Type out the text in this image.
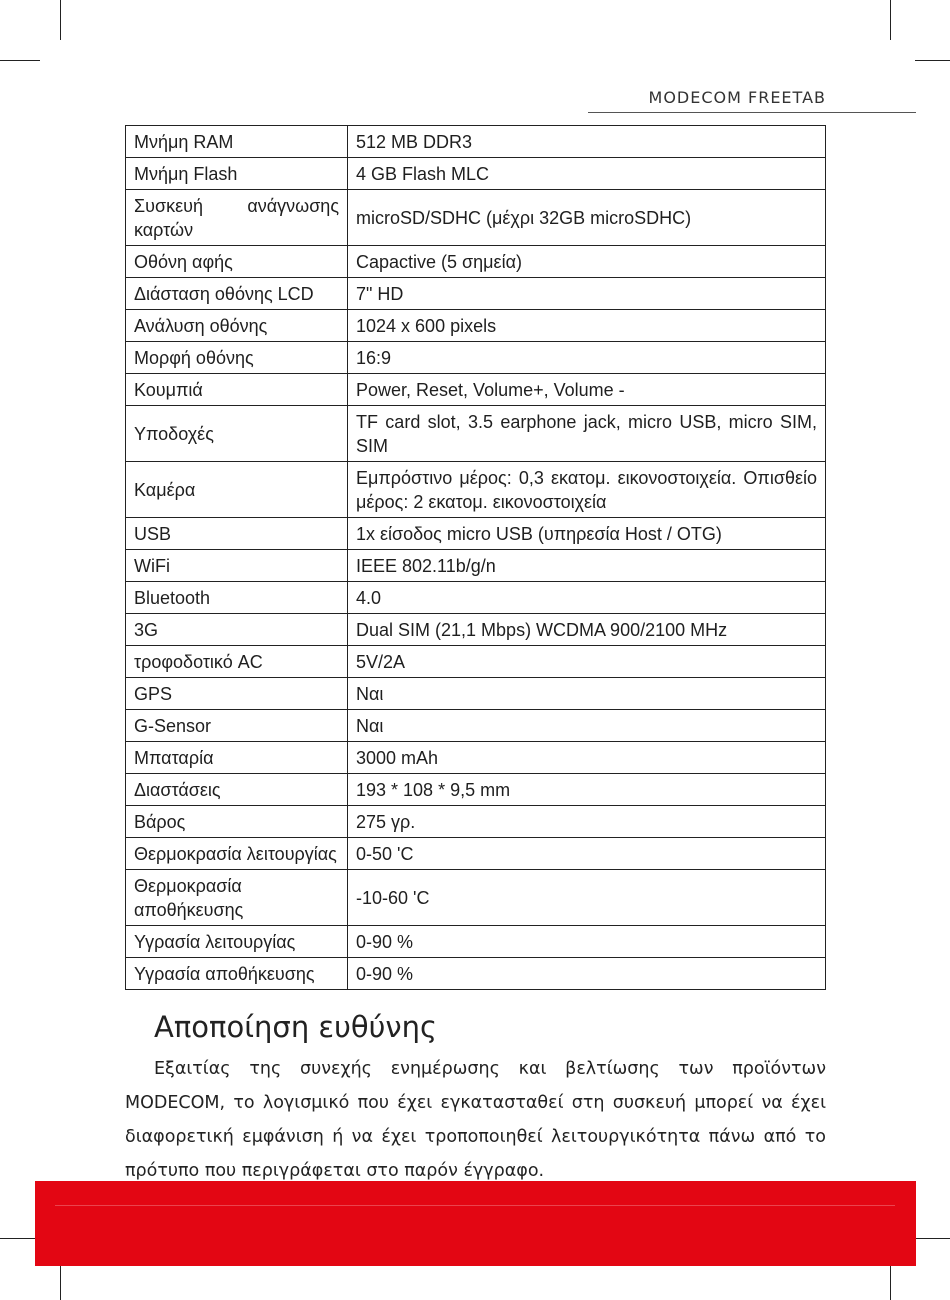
MODECOM FREETAB
Μνήμη RAM	512 MB DDR3
Μνήμη Flash	4 GB Flash MLC
Συσκευή ανάγνωσης καρτών	microSD/SDHC (μέχρι 32GB microSDHC)
Οθόνη αφής	Capactive (5 σημεία)
Διάσταση οθόνης LCD	7" HD
Ανάλυση οθόνης	1024 x 600 pixels
Μορφή οθόνης	16:9
Κουμπιά	Power, Reset, Volume+, Volume -
Υποδοχές	TF card slot, 3.5 earphone jack, micro USB, micro SIM, SIM
Καμέρα	Εμπρόστινο μέρος: 0,3 εκατομ. εικονοστοιχεία. Οπισθείο μέρος: 2 εκατομ. εικονοστοιχεία
USB	1x είσοδος micro USB (υπηρεσία Host / OTG)
WiFi	IEEE 802.11b/g/n
Bluetooth	4.0
3G	Dual SIM (21,1 Mbps) WCDMA 900/2100 MHz
τροφοδοτικό AC	5V/2A
GPS	Ναι
G-Sensor	Ναι
Μπαταρία	3000 mAh
Διαστάσεις	193 * 108 * 9,5 mm
Βάρος	275 γρ.
Θερμοκρασία λειτουργίας	0-50 'C
Θερμοκρασία αποθήκευσης	-10-60 'C
Υγρασία λειτουργίας	0-90 %
Υγρασία αποθήκευσης	0-90 %
Αποποίηση ευθύνης
Εξαιτίας της συνεχής ενημέρωσης και βελτίωσης των προϊόντων MODECOM, το λογισμικό που έχει εγκατασταθεί στη συσκευή μπορεί να έχει διαφορετική εμφάνιση ή να έχει τροποποιηθεί λειτουργικότητα πάνω από το πρότυπο που περιγράφεται στο παρόν έγγραφο.
